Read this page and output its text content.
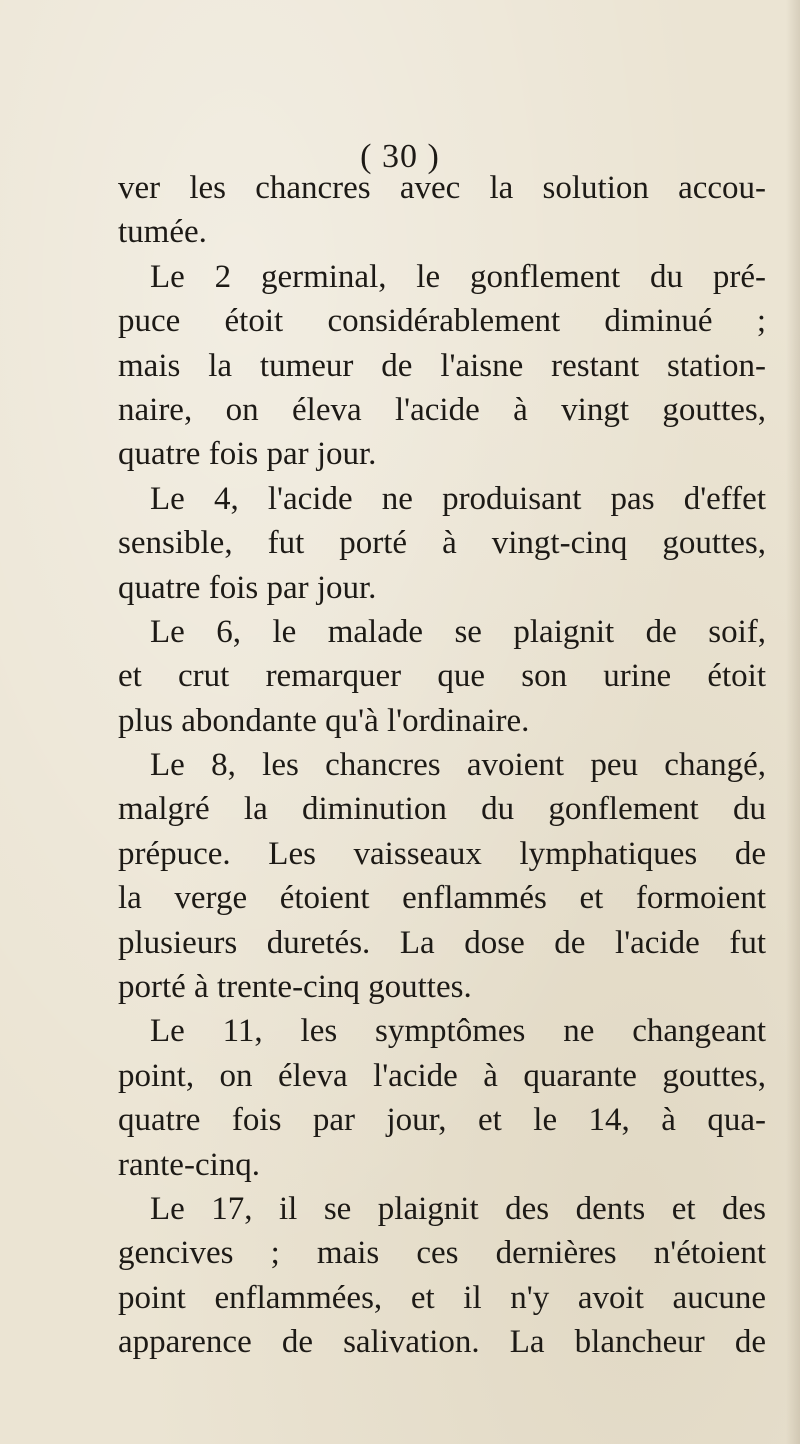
( 30 )
ver les chancres avec la solution accou-
tumée.
Le 2 germinal, le gonflement du pré-
puce étoit considérablement diminué ;
mais la tumeur de l'aisne restant station-
naire, on éleva l'acide à vingt gouttes,
quatre fois par jour.
Le 4, l'acide ne produisant pas d'effet
sensible, fut porté à vingt-cinq gouttes,
quatre fois par jour.
Le 6, le malade se plaignit de soif,
et crut remarquer que son urine étoit
plus abondante qu'à l'ordinaire.
Le 8, les chancres avoient peu changé,
malgré la diminution du gonflement du
prépuce. Les vaisseaux lymphatiques de
la verge étoient enflammés et formoient
plusieurs duretés. La dose de l'acide fut
porté à trente-cinq gouttes.
Le 11, les symptômes ne changeant
point, on éleva l'acide à quarante gouttes,
quatre fois par jour, et le 14, à qua-
rante-cinq.
Le 17, il se plaignit des dents et des
gencives ; mais ces dernières n'étoient
point enflammées, et il n'y avoit aucune
apparence de salivation. La blancheur de
